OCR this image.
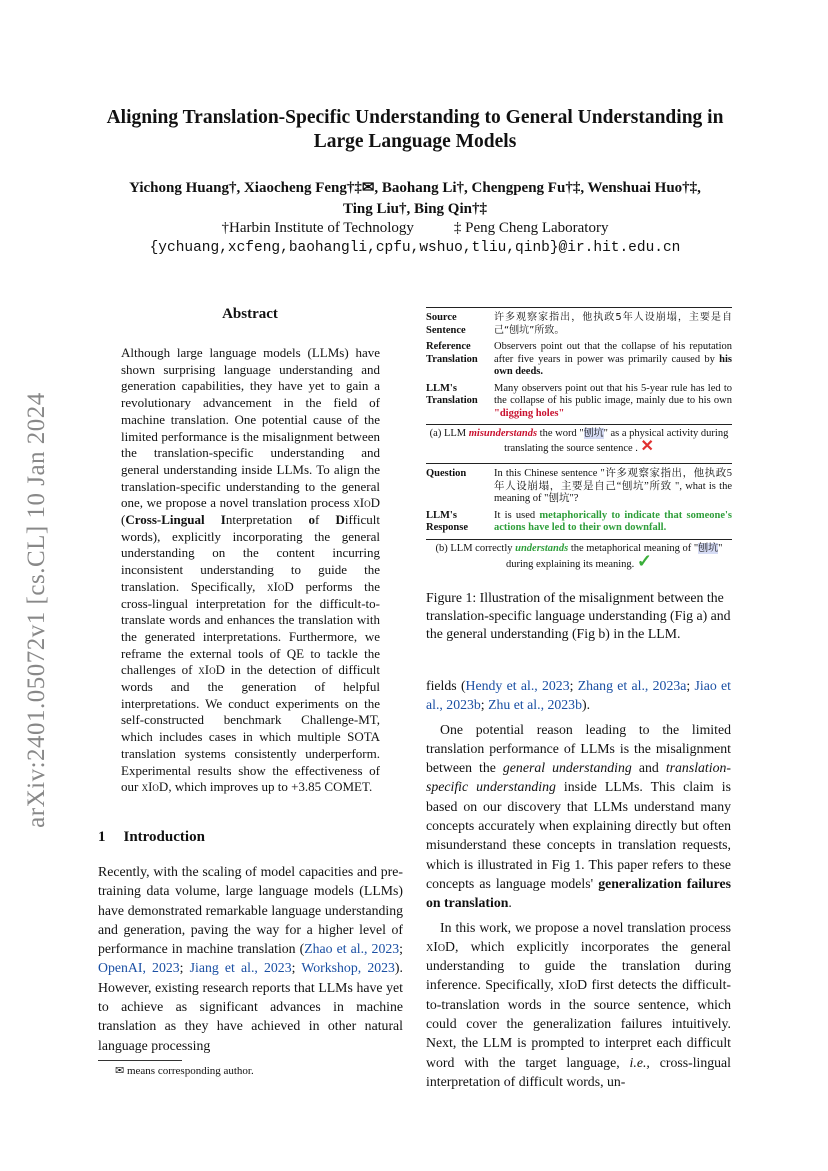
arXiv:2401.05072v1 [cs.CL] 10 Jan 2024
Aligning Translation-Specific Understanding to General Understanding in
Large Language Models
Yichong Huang†, Xiaocheng Feng†‡✉, Baohang Li†, Chengpeng Fu†‡, Wenshuai Huo†‡,
Ting Liu†, Bing Qin†‡
†Harbin Institute of Technology	‡ Peng Cheng Laboratory
{ychuang,xcfeng,baohangli,cpfu,wshuo,tliu,qinb}@ir.hit.edu.cn
Abstract
Although large language models (LLMs) have shown surprising language understanding and generation capabilities, they have yet to gain a revolutionary advancement in the field of machine translation. One potential cause of the limited performance is the misalignment between the translation-specific understanding and general understanding inside LLMs. To align the translation-specific understanding to the general one, we propose a novel translation process xIoD (Cross-Lingual Interpretation of Difficult words), explicitly incorporating the general understanding on the content incurring inconsistent understanding to guide the translation. Specifically, xIoD performs the cross-lingual interpretation for the difficult-to-translate words and enhances the translation with the generated interpretations. Furthermore, we reframe the external tools of QE to tackle the challenges of xIoD in the detection of difficult words and the generation of helpful interpretations. We conduct experiments on the self-constructed benchmark Challenge-MT, which includes cases in which multiple SOTA translation systems consistently underperform. Experimental results show the effectiveness of our xIoD, which improves up to +3.85 COMET.
1 Introduction

Recently, with the scaling of model capacities and pre-training data volume, large language models (LLMs) have demonstrated remarkable language understanding and generation, paving the way for a higher level of performance in machine translation (Zhao et al., 2023; OpenAI, 2023; Jiang et al., 2023; Workshop, 2023). However, existing research reports that LLMs have yet to achieve as significant advances in machine translation as they have achieved in other natural language processing

✉ means corresponding author.
Source Sentence
许多观察家指出，他执政5年人设崩塌，主要是自己“刨坑”所致。
Reference Translation
Observers point out that the collapse of his reputation after five years in power was primarily caused by his own deeds.
LLM's Translation
Many observers point out that his 5-year rule has led to the collapse of his public image, mainly due to his own "digging holes"
(a) LLM misunderstands the word "刨坑" as a physical activity during translating the source sentence . ✕
Question	In this Chinese sentence "许多观察家指出，他执政5年人设崩塌，主要是自己“刨坑”所致 ", what is the meaning of "刨坑"?
LLM's Response
It is used metaphorically to indicate that someone's actions have led to their own downfall.
(b) LLM correctly understands the metaphorical meaning of "刨坑" during explaining its meaning. ✓
Figure 1: Illustration of the misalignment between the translation-specific language understanding (Fig a) and the general understanding (Fig b) in the LLM.

fields (Hendy et al., 2023; Zhang et al., 2023a; Jiao et al., 2023b; Zhu et al., 2023b).

One potential reason leading to the limited translation performance of LLMs is the misalignment between the general understanding and translation-specific understanding inside LLMs. This claim is based on our discovery that LLMs understand many concepts accurately when explaining directly but often misunderstand these concepts in translation requests, which is illustrated in Fig 1. This paper refers to these concepts as language models' generalization failures on translation.

In this work, we propose a novel translation process xIoD, which explicitly incorporates the general understanding to guide the translation during inference. Specifically, xIoD first detects the difficult-to-translation words in the source sentence, which could cover the generalization failures intuitively. Next, the LLM is prompted to interpret each difficult word with the target language, i.e., cross-lingual interpretation of difficult words, un-
